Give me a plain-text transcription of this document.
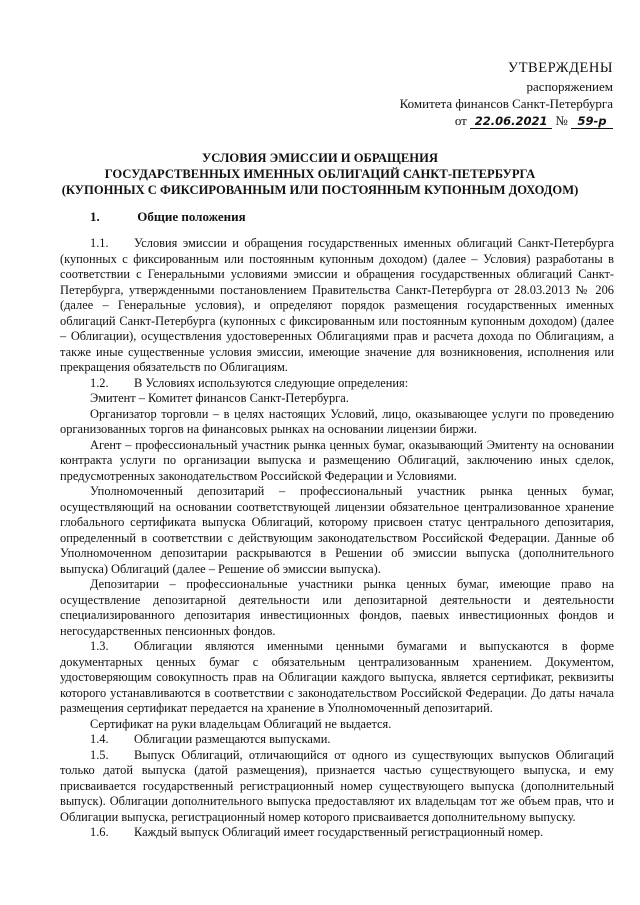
УТВЕРЖДЕНЫ
распоряжением
Комитета финансов Санкт-Петербурга
от 22.06.2021 № 59-р
УСЛОВИЯ ЭМИССИИ И ОБРАЩЕНИЯ
ГОСУДАРСТВЕННЫХ ИМЕННЫХ ОБЛИГАЦИЙ САНКТ-ПЕТЕРБУРГА
(КУПОННЫХ С ФИКСИРОВАННЫМ ИЛИ ПОСТОЯННЫМ КУПОННЫМ ДОХОДОМ)
1.	Общие положения

1.1. Условия эмиссии и обращения государственных именных облигаций Санкт-Петербурга (купонных с фиксированным или постоянным купонным доходом) (далее – Условия) разработаны в соответствии с Генеральными условиями эмиссии и обращения государственных облигаций Санкт-Петербурга, утвержденными постановлением Правительства Санкт-Петербурга от 28.03.2013 № 206 (далее – Генеральные условия), и определяют порядок размещения государственных именных облигаций Санкт-Петербурга (купонных с фиксированным или постоянным купонным доходом) (далее – Облигации), осуществления удостоверенных Облигациями прав и расчета дохода по Облигациям, а также иные существенные условия эмиссии, имеющие значение для возникновения, исполнения или прекращения обязательств по Облигациям.

1.2. В Условиях используются следующие определения:

Эмитент – Комитет финансов Санкт-Петербурга.

Организатор торговли – в целях настоящих Условий, лицо, оказывающее услуги по проведению организованных торгов на финансовых рынках на основании лицензии биржи.

Агент – профессиональный участник рынка ценных бумаг, оказывающий Эмитенту на основании контракта услуги по организации выпуска и размещению Облигаций, заключению иных сделок, предусмотренных законодательством Российской Федерации и Условиями.

Уполномоченный депозитарий – профессиональный участник рынка ценных бумаг, осуществляющий на основании соответствующей лицензии обязательное централизованное хранение глобального сертификата выпуска Облигаций, которому присвоен статус центрального депозитария, определенный в соответствии с действующим законодательством Российской Федерации. Данные об Уполномоченном депозитарии раскрываются в Решении об эмиссии выпуска (дополнительного выпуска) Облигаций (далее – Решение об эмиссии выпуска).

Депозитарии – профессиональные участники рынка ценных бумаг, имеющие право на осуществление депозитарной деятельности или депозитарной деятельности и деятельности специализированного депозитария инвестиционных фондов, паевых инвестиционных фондов и негосударственных пенсионных фондов.

1.3. Облигации являются именными ценными бумагами и выпускаются в форме документарных ценных бумаг с обязательным централизованным хранением. Документом, удостоверяющим совокупность прав на Облигации каждого выпуска, является сертификат, реквизиты которого устанавливаются в соответствии с законодательством Российской Федерации. До даты начала размещения сертификат передается на хранение в Уполномоченный депозитарий.

Сертификат на руки владельцам Облигаций не выдается.

1.4. Облигации размещаются выпусками.

1.5. Выпуск Облигаций, отличающийся от одного из существующих выпусков Облигаций только датой выпуска (датой размещения), признается частью существующего выпуска, и ему присваивается государственный регистрационный номер существующего выпуска (дополнительный выпуск). Облигации дополнительного выпуска предоставляют их владельцам тот же объем прав, что и Облигации выпуска, регистрационный номер которого присваивается дополнительному выпуску.

1.6. Каждый выпуск Облигаций имеет государственный регистрационный номер.
